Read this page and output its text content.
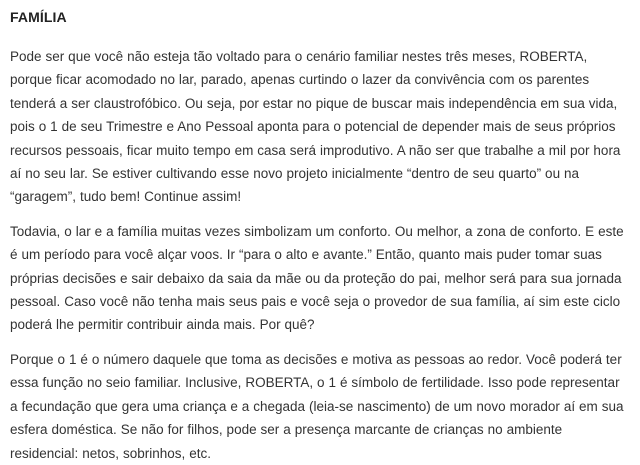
FAMÍLIA

Pode ser que você não esteja tão voltado para o cenário familiar nestes três meses, ROBERTA, porque ficar acomodado no lar, parado, apenas curtindo o lazer da convivência com os parentes tenderá a ser claustrofóbico. Ou seja, por estar no pique de buscar mais independência em sua vida, pois o 1 de seu Trimestre e Ano Pessoal aponta para o potencial de depender mais de seus próprios recursos pessoais, ficar muito tempo em casa será improdutivo. A não ser que trabalhe a mil por hora aí no seu lar. Se estiver cultivando esse novo projeto inicialmente “dentro de seu quarto” ou na “garagem”, tudo bem! Continue assim!

Todavia, o lar e a família muitas vezes simbolizam um conforto. Ou melhor, a zona de conforto. E este é um período para você alçar voos. Ir “para o alto e avante.” Então, quanto mais puder tomar suas próprias decisões e sair debaixo da saia da mãe ou da proteção do pai, melhor será para sua jornada pessoal. Caso você não tenha mais seus pais e você seja o provedor de sua família, aí sim este ciclo poderá lhe permitir contribuir ainda mais. Por quê?

Porque o 1 é o número daquele que toma as decisões e motiva as pessoas ao redor. Você poderá ter essa função no seio familiar. Inclusive, ROBERTA, o 1 é símbolo de fertilidade. Isso pode representar a fecundação que gera uma criança e a chegada (leia-se nascimento) de um novo morador aí em sua esfera doméstica. Se não for filhos, pode ser a presença marcante de crianças no ambiente residencial: netos, sobrinhos, etc.
